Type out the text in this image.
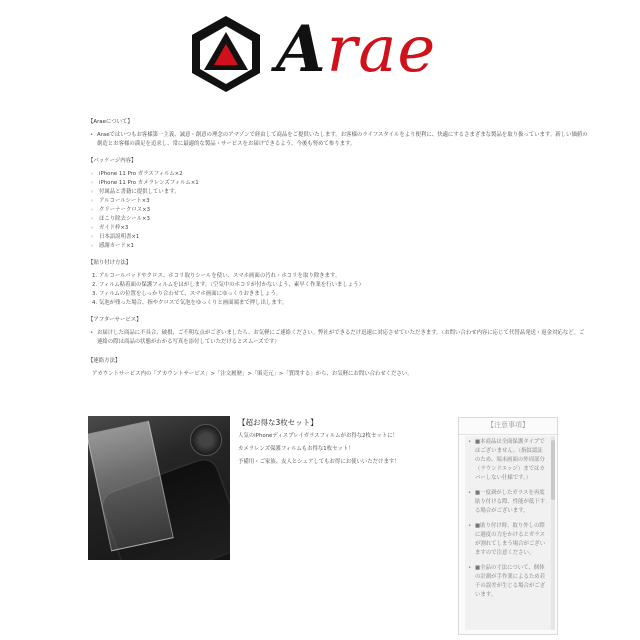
Arae
【Araeについて】
• Araeではいつもお客様第一主義、誠意・創意の理念のアマゾンで経由して商品をご提供いたします。お客様のライフスタイルをより便利に、快適にするさまざまな製品を取り扱っています。新しい価値の創造とお客様の満足を追求し、常に最適的な製品・サービスをお届けできるよう、今後も努めて参ります。
【パッケージ内容】
› iPhone 11 Pro ガラスフィルム×2
› iPhone 11 Pro カメラレンズフィルム×1
› 付属品と書籍に提供しています。
› アルコールシート×3
› クリーナークロス×3
› ほこり除去シール×3
› ガイド枠×3
› 日本語説明書×1
› 感謝カード×1
【貼り付け方法】
1. アルコールパッドやクロス、ホコリ取りシールを使い、スマホ画面の汚れ・ホコリを取り除きます。
2. フィルム粘着面の保護フィルムをはがします。（空気中のホコリが付かないよう、素早く作業を行いましょう）
3. フィルムの位置をしっかり合わせて、スマホ画面にゆっくりおきましょう。
4. 気泡が残った場合、指やクロスで気泡をゆっくりと画面端まで押し出します。
【アフターサービス】
• お届けした商品に不具合、破損、ご不明な点がございましたら、お気軽にご連絡ください。弊社ができるだけ迅速に対応させていただきます。（お問い合わせ内容に応じて代替品発送・返金対応など。ご連絡の際は商品の状態がわかる写真を添付していただけるとスムーズです）
【連絡方法】
アカウントサービス内の「アカウントサービス」>「注文履歴」>「販売元」>「質問する」から、お気軽にお問い合わせください。
【超お得な3枚セット】
人気のiPhoneディスプレイガラスフィルムがお得な2枚セットに！
カメラレンズ保護フィルムもお得な1枚セット！
予備用・ご家族、友人とシェアしてもお得にお使いいただけます！
【注意事項】
• ■本商品は全面保護タイプではございません。（指紋認証のため、端末画面の外周部分（ラウンドエッジ）まではカバーしない仕様です。）
• ■一度剥がしたガラスを再度貼り付ける際、性能が低下する場合がございます。
• ■貼り付け時、取り外しの際に過度の力をかけるとガラスが割れてしまう場合がございますので注意ください。
• ■全品の寸法について、個体の計測が手作業によるため若干の誤差が生じる場合がございます。
